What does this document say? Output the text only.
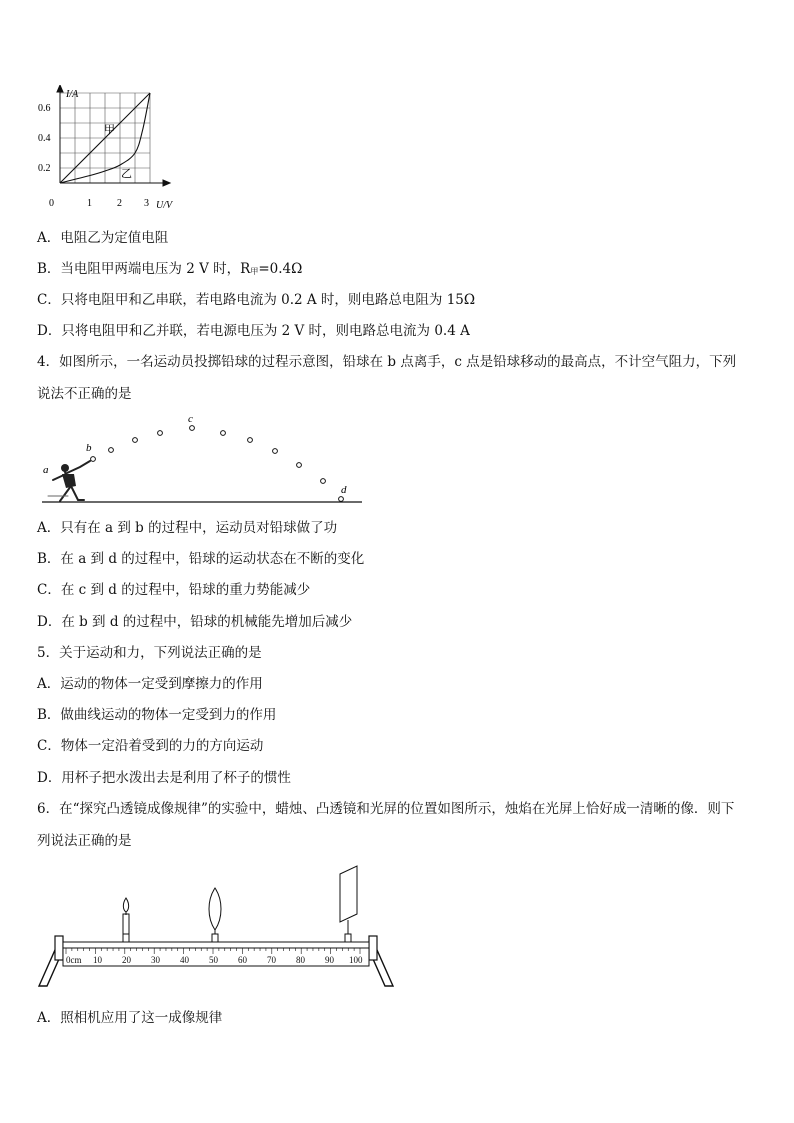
I/A
U/V
0	1	2 3
0.2
0.4
0.6
甲
乙
A．电阻乙为定值电阻
B．当电阻甲两端电压为 2 V 时，R甲=0.4Ω
C．只将电阻甲和乙串联，若电路电流为 0.2 A 时，则电路总电阻为 15Ω
D．只将电阻甲和乙并联，若电源电压为 2 V 时，则电路总电流为 0.4 A
4．如图所示，一名运动员投掷铅球的过程示意图，铅球在 b 点离手，c 点是铅球移动的最高点，不计空气阻力，下列
说法不正确的是
a
b
c
d
A．只有在 a 到 b 的过程中，运动员对铅球做了功
B．在 a 到 d 的过程中，铅球的运动状态在不断的变化
C．在 c 到 d 的过程中，铅球的重力势能减少
D．在 b 到 d 的过程中，铅球的机械能先增加后减少
5．关于运动和力，下列说法正确的是
A．运动的物体一定受到摩擦力的作用
B．做曲线运动的物体一定受到力的作用
C．物体一定沿着受到的力的方向运动
D．用杯子把水泼出去是利用了杯子的惯性
6．在“探究凸透镜成像规律”的实验中，蜡烛、凸透镜和光屏的位置如图所示，烛焰在光屏上恰好成一清晰的像．则下
列说法正确的是
0cm 10 20 30 40 50 60 70 80 90 100
A．照相机应用了这一成像规律
